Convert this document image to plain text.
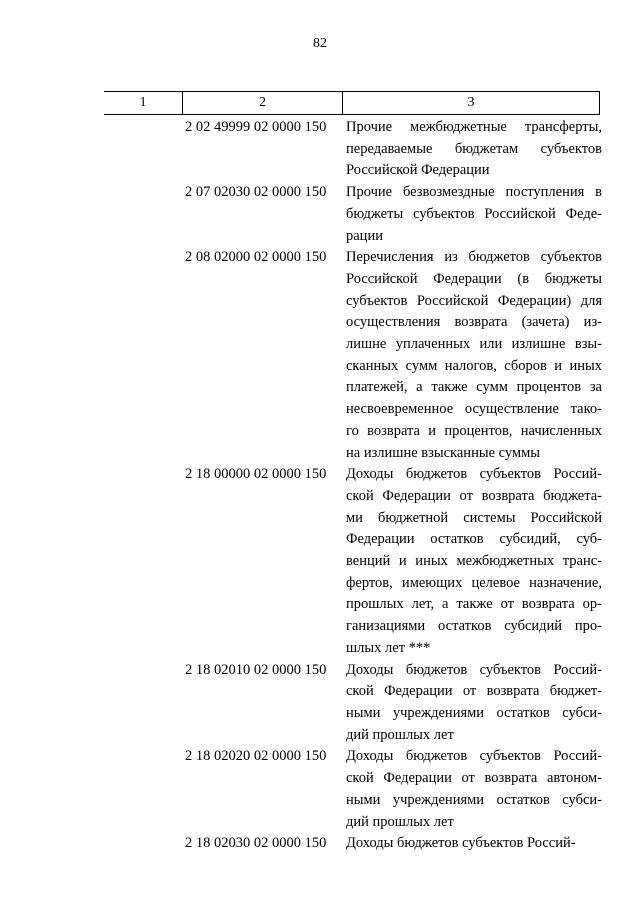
82
1	2	3
2 02 49999 02 0000 150	Прочие межбюджетные трансферты,
передаваемые бюджетам субъектов
Российской Федерации
2 07 02030 02 0000 150	Прочие безвозмездные поступления в
бюджеты субъектов Российской Феде-
рации
2 08 02000 02 0000 150	Перечисления из бюджетов субъектов
Российской Федерации (в бюджеты
субъектов Российской Федерации) для
осуществления возврата (зачета) из-
лишне уплаченных или излишне взы-
сканных сумм налогов, сборов и иных
платежей, а также сумм процентов за
несвоевременное осуществление тако-
го возврата и процентов, начисленных
на излишне взысканные суммы
2 18 00000 02 0000 150	Доходы бюджетов субъектов Россий-
ской Федерации от возврата бюджета-
ми бюджетной системы Российской
Федерации остатков субсидий, суб-
венций и иных межбюджетных транс-
фертов, имеющих целевое назначение,
прошлых лет, а также от возврата ор-
ганизациями остатков субсидий про-
шлых лет ***
2 18 02010 02 0000 150	Доходы бюджетов субъектов Россий-
ской Федерации от возврата бюджет-
ными учреждениями остатков субси-
дий прошлых лет
2 18 02020 02 0000 150	Доходы бюджетов субъектов Россий-
ской Федерации от возврата автоном-
ными учреждениями остатков субси-
дий прошлых лет
2 18 02030 02 0000 150	Доходы бюджетов субъектов Россий-
